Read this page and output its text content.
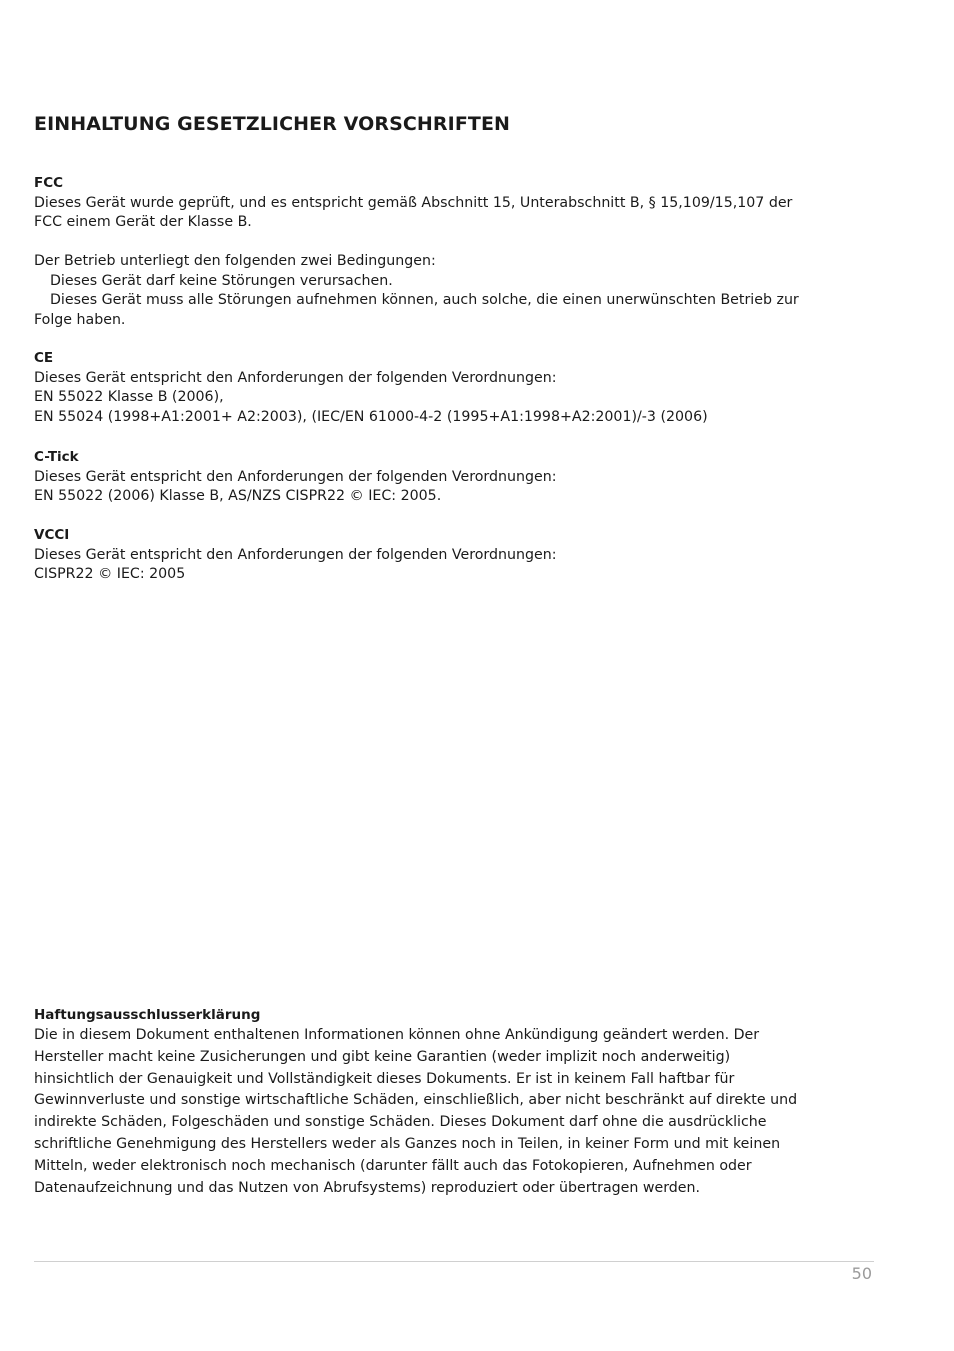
EINHALTUNG GESETZLICHER VORSCHRIFTEN

FCC

Dieses Gerät wurde geprüft, und es entspricht gemäß Abschnitt 15, Unterabschnitt B, § 15,109/15,107 der

FCC einem Gerät der Klasse B.

Der Betrieb unterliegt den folgenden zwei Bedingungen:

Dieses Gerät darf keine Störungen verursachen.

Dieses Gerät muss alle Störungen aufnehmen können, auch solche, die einen unerwünschten Betrieb zur

Folge haben.

CE

Dieses Gerät entspricht den Anforderungen der folgenden Verordnungen:

EN 55022 Klasse B (2006),

EN 55024 (1998+A1:2001+ A2:2003), (IEC/EN 61000-4-2 (1995+A1:1998+A2:2001)/-3 (2006)

C-Tick

Dieses Gerät entspricht den Anforderungen der folgenden Verordnungen:

EN 55022 (2006) Klasse B, AS/NZS CISPR22 © IEC: 2005.

VCCI

Dieses Gerät entspricht den Anforderungen der folgenden Verordnungen:

CISPR22 © IEC: 2005

Haftungsausschlusserklärung

Die in diesem Dokument enthaltenen Informationen können ohne Ankündigung geändert werden. Der

Hersteller macht keine Zusicherungen und gibt keine Garantien (weder implizit noch anderweitig)

hinsichtlich der Genauigkeit und Vollständigkeit dieses Dokuments. Er ist in keinem Fall haftbar für

Gewinnverluste und sonstige wirtschaftliche Schäden, einschließlich, aber nicht beschränkt auf direkte und

indirekte Schäden, Folgeschäden und sonstige Schäden. Dieses Dokument darf ohne die ausdrückliche

schriftliche Genehmigung des Herstellers weder als Ganzes noch in Teilen, in keiner Form und mit keinen

Mitteln, weder elektronisch noch mechanisch (darunter fällt auch das Fotokopieren, Aufnehmen oder

Datenaufzeichnung und das Nutzen von Abrufsystems) reproduziert oder übertragen werden.

50
